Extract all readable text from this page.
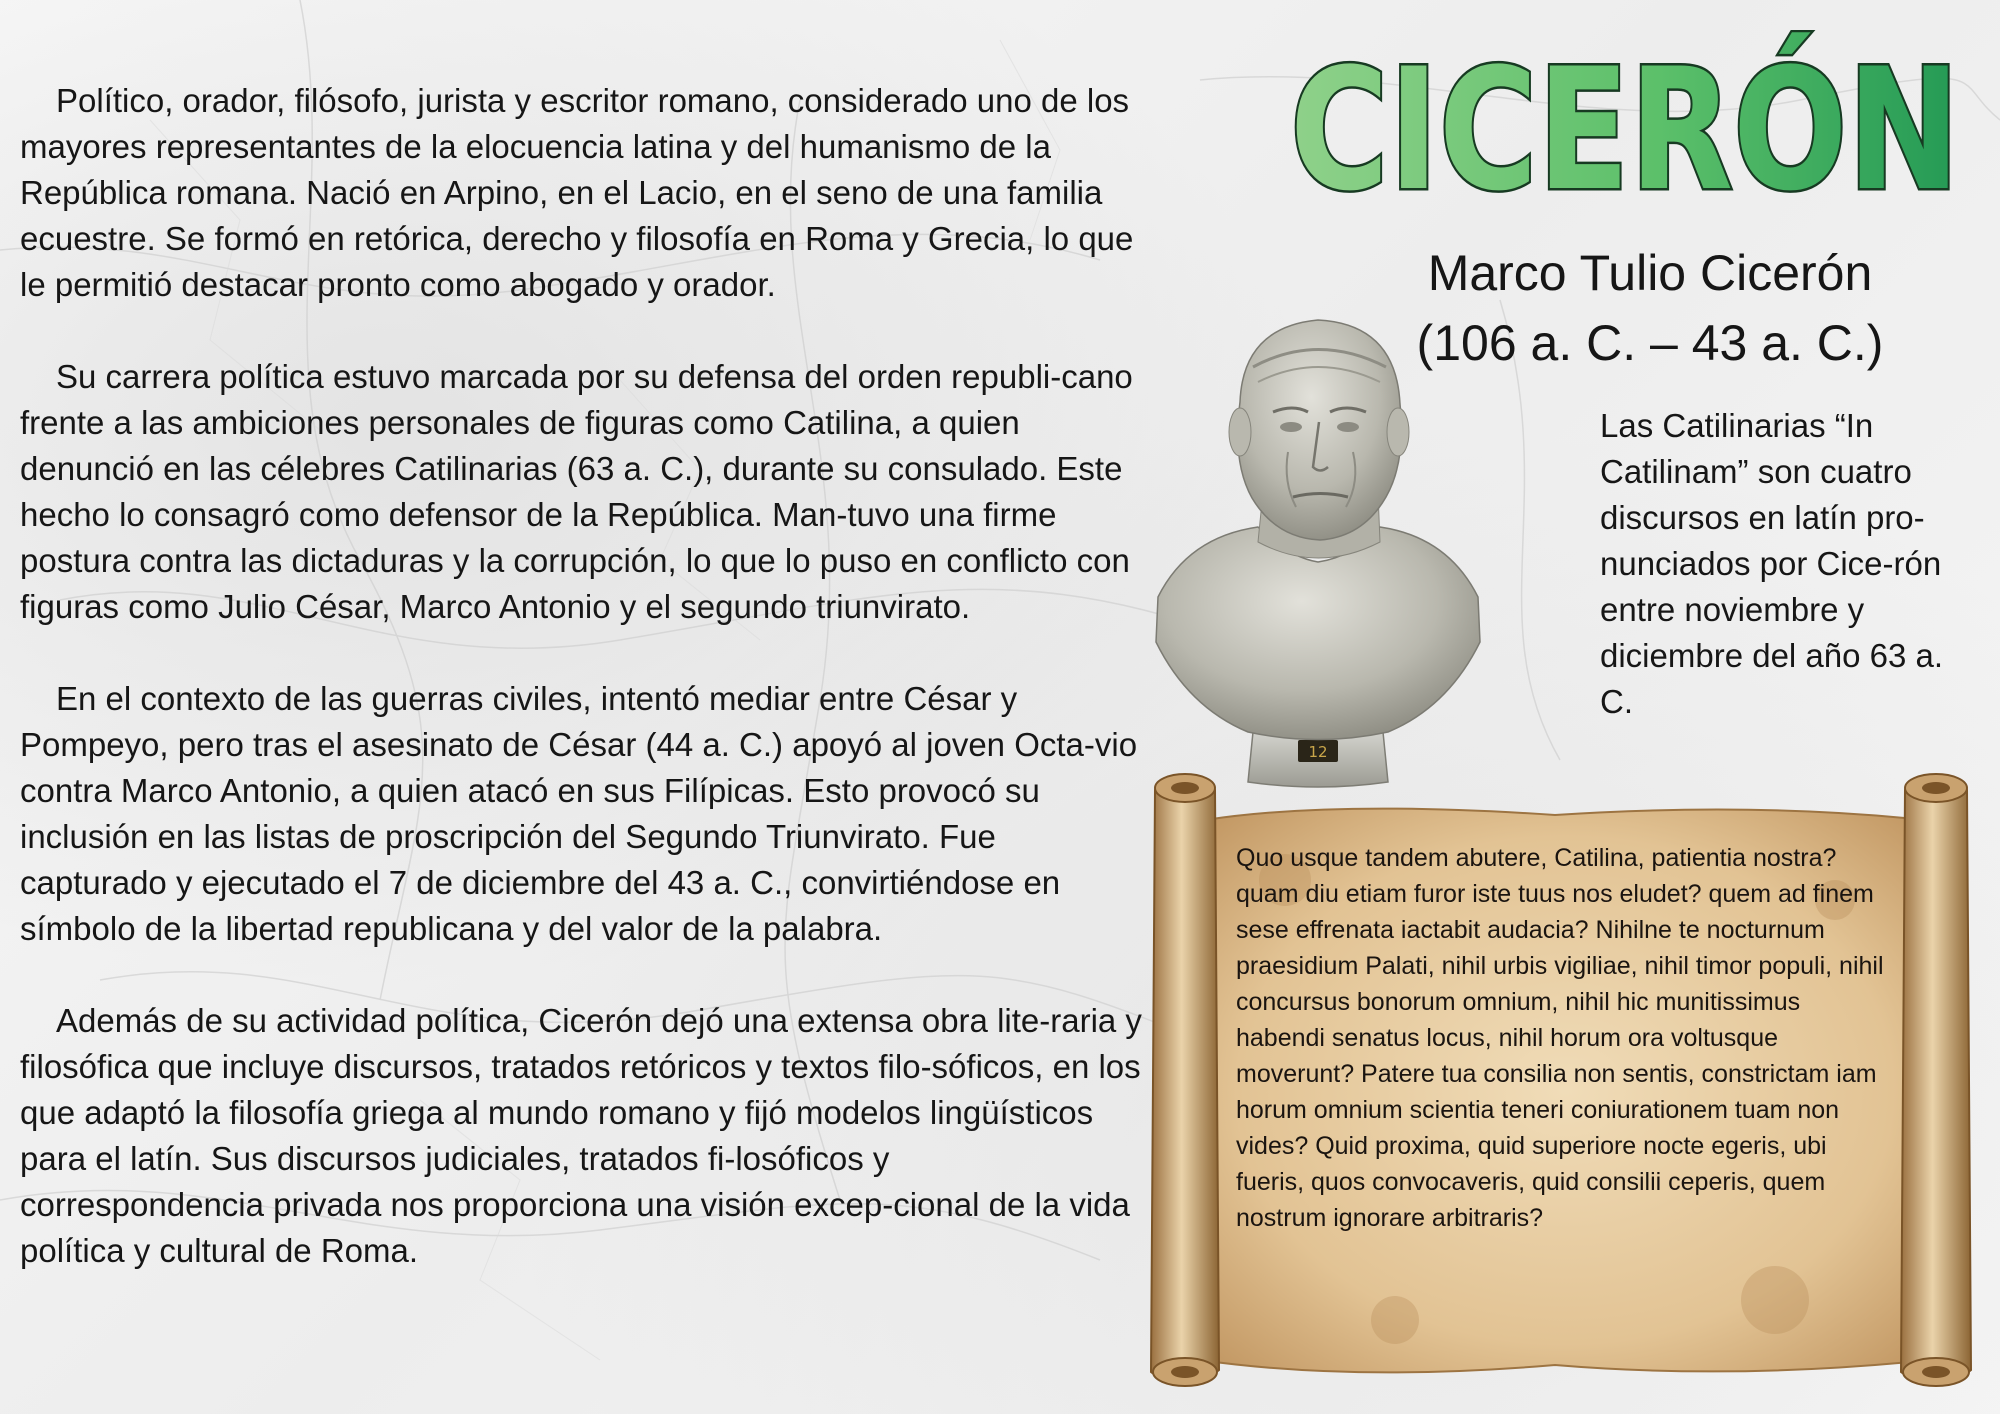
Político, orador, filósofo, jurista y escritor romano, considerado uno de los mayores representantes de la elocuencia latina y del humanismo de la República romana. Nació en Arpino, en el Lacio, en el seno de una familia ecuestre. Se formó en retórica, derecho y filosofía en Roma y Grecia, lo que le permitió destacar pronto como abogado y orador.

Su carrera política estuvo marcada por su defensa del orden republi-cano frente a las ambiciones personales de figuras como Catilina, a quien denunció en las célebres Catilinarias (63 a. C.), durante su consulado. Este hecho lo consagró como defensor de la República. Man-tuvo una firme postura contra las dictaduras y la corrupción, lo que lo puso en conflicto con figuras como Julio César, Marco Antonio y el segundo triunvirato.

En el contexto de las guerras civiles, intentó mediar entre César y Pompeyo, pero tras el asesinato de César (44 a. C.) apoyó al joven Octa-vio contra Marco Antonio, a quien atacó en sus Filípicas. Esto provocó su inclusión en las listas de proscripción del Segundo Triunvirato. Fue capturado y ejecutado el 7 de diciembre del 43 a. C., convirtiéndose en símbolo de la libertad republicana y del valor de la palabra.

Además de su actividad política, Cicerón dejó una extensa obra lite-raria y filosófica que incluye discursos, tratados retóricos y textos filo-sóficos, en los que adaptó la filosofía griega al mundo romano y fijó modelos lingüísticos para el latín. Sus discursos judiciales, tratados fi-losóficos y correspondencia privada nos proporciona una visión excep-cional de la vida política y cultural de Roma.

CICERÓN
Marco Tulio Cicerón
(106 a. C. – 43 a. C.)
Las Catilinarias “In Catilinam” son cuatro discursos en latín pro-nunciados por Cice-rón entre noviembre y diciembre del año 63 a. C.
12
Quo usque tandem abutere, Catilina, patientia nostra? quam diu etiam furor iste tuus nos eludet? quem ad finem sese effrenata iactabit audacia? Nihilne te nocturnum praesidium Palati, nihil urbis vigiliae, nihil timor populi, nihil concursus bonorum omnium, nihil hic munitissimus habendi senatus locus, nihil horum ora voltusque moverunt? Patere tua consilia non sentis, constrictam iam horum omnium scientia teneri coniurationem tuam non vides? Quid proxima, quid superiore nocte egeris, ubi fueris, quos convocaveris, quid consilii ceperis, quem nostrum ignorare arbitraris?
